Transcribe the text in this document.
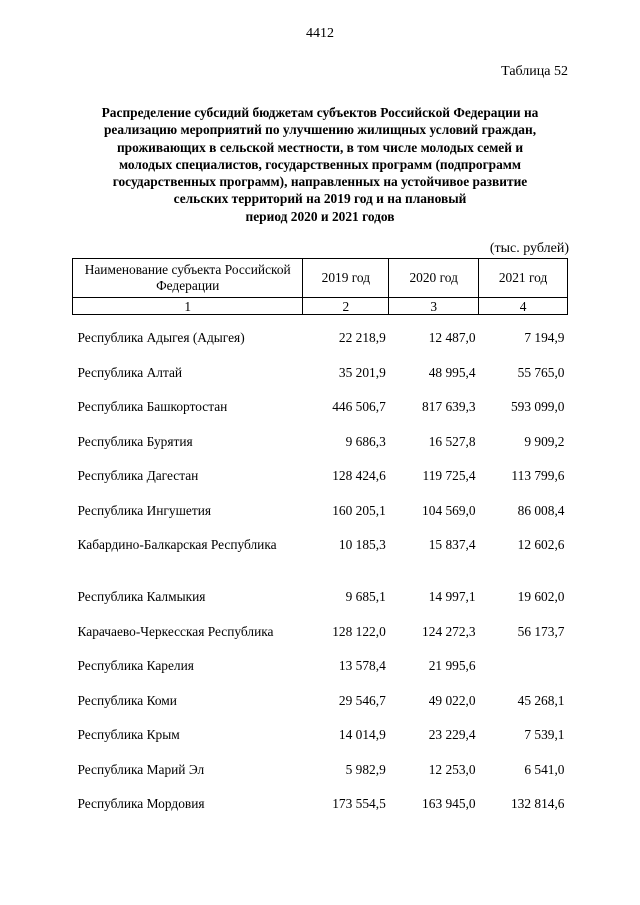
4412
Таблица 52
Распределение субсидий бюджетам субъектов Российской Федерации на
реализацию мероприятий по улучшению жилищных условий граждан,
проживающих в сельской местности, в том числе молодых семей и
молодых специалистов, государственных программ (подпрограмм
государственных программ), направленных на устойчивое развитие
сельских территорий на 2019 год и на плановый
период 2020 и 2021 годов
(тыс. рублей)
Наименование субъекта Российской Федерации	2019 год	2020 год	2021 год
1	2	3	4

Республика Адыгея (Адыгея)	22 218,9	12 487,0	7 194,9
Республика Алтай	35 201,9	48 995,4	55 765,0
Республика Башкортостан	446 506,7	817 639,3	593 099,0
Республика Бурятия	9 686,3	16 527,8	9 909,2
Республика Дагестан	128 424,6	119 725,4	113 799,6
Республика Ингушетия	160 205,1	104 569,0	86 008,4
Кабардино-Балкарская Республика	10 185,3	15 837,4	12 602,6
Республика Калмыкия	9 685,1	14 997,1	19 602,0
Карачаево-Черкесская Республика	128 122,0	124 272,3	56 173,7
Республика Карелия	13 578,4	21 995,6	
Республика Коми	29 546,7	49 022,0	45 268,1
Республика Крым	14 014,9	23 229,4	7 539,1
Республика Марий Эл	5 982,9	12 253,0	6 541,0
Республика Мордовия	173 554,5	163 945,0	132 814,6
